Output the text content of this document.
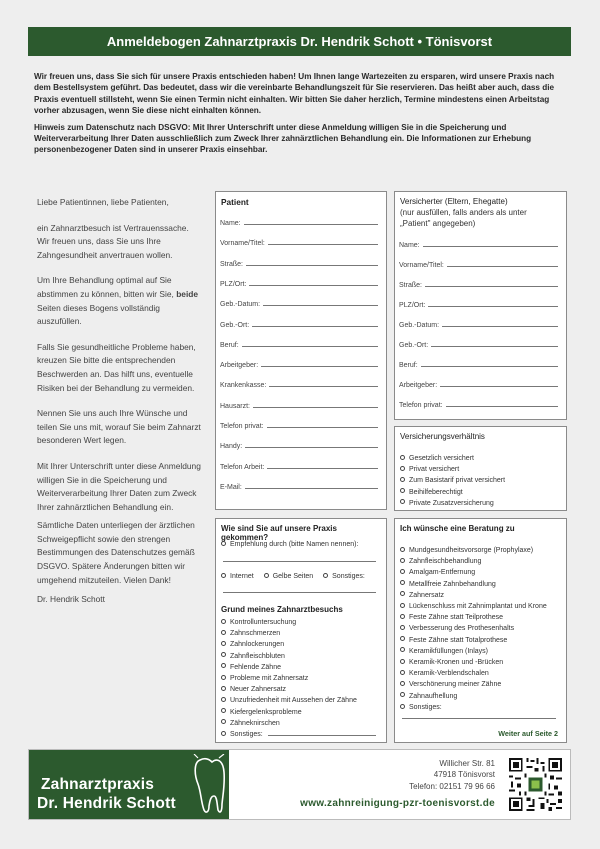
Anmeldebogen Zahnarztpraxis Dr. Hendrik Schott • Tönisvorst

Wir freuen uns, dass Sie sich für unsere Praxis entschieden haben! Um Ihnen lange Wartezeiten zu ersparen, wird unsere Praxis nach dem Bestellsystem geführt. Das bedeutet, dass wir die vereinbarte Behandlungszeit für Sie reservieren. Das heißt aber auch, dass die Praxis eventuell stillsteht, wenn Sie einen Termin nicht einhalten. Wir bitten Sie daher herzlich, Termine mindestens einen Arbeitstag vorher abzusagen, wenn Sie diese nicht einhalten können.

Hinweis zum Datenschutz nach DSGVO: Mit Ihrer Unterschrift unter diese Anmeldung willigen Sie in die Speicherung und Weiterverarbeitung Ihrer Daten ausschließlich zum Zweck Ihrer zahnärztlichen Behandlung ein. Die Informationen zur Erhebung personenbezogener Daten sind in unserer Praxis einsehbar.

Liebe Patientinnen, liebe Patienten,

ein Zahnarztbesuch ist Vertrauenssache. Wir freuen uns, dass Sie uns Ihre Zahngesundheit anvertrauen wollen.

Um Ihre Behandlung optimal auf Sie abstimmen zu können, bitten wir Sie, beide Seiten dieses Bogens vollständig auszufüllen.

Falls Sie gesundheitliche Probleme haben, kreuzen Sie bitte die entsprechenden Beschwerden an. Das hilft uns, eventuelle Risiken bei der Behandlung zu vermeiden.

Nennen Sie uns auch Ihre Wünsche und teilen Sie uns mit, worauf Sie beim Zahnarzt besonderen Wert legen.

Mit Ihrer Unterschrift unter diese Anmeldung willigen Sie in die Speicherung und Weiterverarbeitung Ihrer Daten zum Zweck Ihrer zahnärztlichen Behandlung ein.

Sämtliche Daten unterliegen der ärztlichen Schweigepflicht sowie den strengen Bestimmungen des Datenschutzes gemäß DSGVO. Spätere Änderungen bitten wir umgehend mitzuteilen. Vielen Dank!

Dr. Hendrik Schott

Patient
Name:
Vorname/Titel:
Straße:
PLZ/Ort:
Geb.-Datum:
Geb.-Ort:
Beruf:
Arbeitgeber:
Krankenkasse:
Hausarzt:
Telefon privat:
Handy:
Telefon Arbeit:
E-Mail:
Versicherter (Eltern, Ehegatte)
(nur ausfüllen, falls anders als unter „Patient" angegeben)
Name:
Vorname/Titel:
Straße:
PLZ/Ort:
Geb.-Datum:
Geb.-Ort:
Beruf:
Arbeitgeber:
Telefon privat:
Versicherungsverhältnis
Gesetzlich versichert
Privat versichert
Zum Basistarif privat versichert
Beihilfeberechtigt
Private Zusatzversicherung
Wie sind Sie auf unsere Praxis gekommen?
Empfehlung durch (bitte Namen nennen):
Internet	Gelbe Seiten	Sonstiges:
Grund meines Zahnarztbesuchs
Kontrolluntersuchung
Zahnschmerzen
Zahnlockerungen
Zahnfleischbluten
Fehlende Zähne
Probleme mit Zahnersatz
Neuer Zahnersatz
Unzufriedenheit mit Aussehen der Zähne
Kiefergelenksprobleme
Zähneknirschen
Sonstiges:
Ich wünsche eine Beratung zu
Mundgesundheitsvorsorge (Prophylaxe)
Zahnfleischbehandlung
Amalgam-Entfernung
Metallfreie Zahnbehandlung
Zahnersatz
Lückenschluss mit Zahnimplantat und Krone
Feste Zähne statt Teilprothese
Verbesserung des Prothesenhalts
Feste Zähne statt Totalprothese
Keramikfüllungen (Inlays)
Keramik-Kronen und -Brücken
Keramik-Verblendschalen
Verschönerung meiner Zähne
Zahnaufhellung
Sonstiges:
Weiter auf Seite 2
Zahnarztpraxis
Dr. Hendrik Schott
Willicher Str. 81
47918 Tönisvorst
Telefon: 02151 79 96 66
www.zahnreinigung-pzr-toenisvorst.de
